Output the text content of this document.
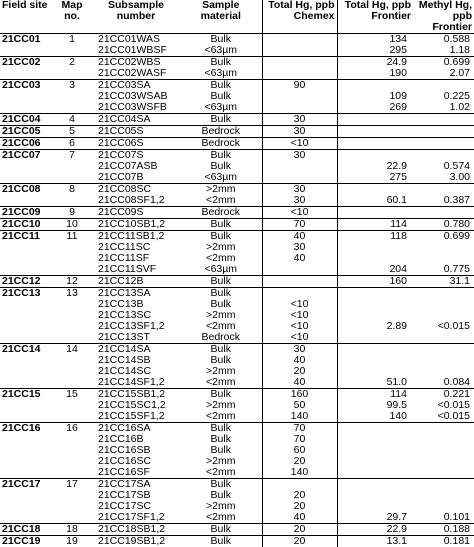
Field site	Map no.	Subsample number	Sample material	Total Hg, ppb Chemex	Total Hg, ppb Frontier	Methyl Hg, ppb Frontier
21CC01	1	21CC01WAS	Bulk		134	0.588
		21CC01WBSF	<63µm		295	1.18
21CC02	2	21CC02WBS	Bulk		24.9	0.699
		21CC02WASF	<63µm		190	2.07
21CC03	3	21CC03SA	Bulk	90		
		21CC03WSAB	Bulk		109	0.225
		21CC03WSFB	<63µm		269	1.02
21CC04	4	21CC04SA	Bulk	30		
21CC05	5	21CC05S	Bedrock	30		
21CC06	6	21CC06S	Bedrock	<10		
21CC07	7	21CC07S	Bulk	30		
		21CC07ASB	Bulk		22.9	0.574
		21CC07B	<63µm		275	3.00
21CC08	8	21CC08SC	>2mm	30		
		21CC08SF1,2	<2mm	30	60.1	0.387
21CC09	9	21CC09S	Bedrock	<10		
21CC10	10	21CC10SB1,2	Bulk	70	114	0.780
21CC11	11	21CC11SB1,2	Bulk	40	118	0.699
		21CC11SC	>2mm	30		
		21CC11SF	<2mm	40		
		21CC11SVF	<63µm		204	0.775
21CC12	12	21CC12B	Bulk		160	31.1
21CC13	13	21CC13SA	Bulk			
		21CC13B	Bulk	<10		
		21CC13SC	>2mm	<10		
		21CC13SF1,2	<2mm	<10	2.89	<0.015
		21CC13ST	Bedrock	<10		
21CC14	14	21CC14SA	Bulk	30		
		21CC14SB	Bulk	40		
		21CC14SC	>2mm	20		
		21CC14SF1,2	<2mm	40	51.0	0.084
21CC15	15	21CC15SB1,2	Bulk	160	114	0.221
		21CC15SC1,2	>2mm	50	99.5	<0.015
		21CC15SF1,2	<2mm	140	140	<0.015
21CC16	16	21CC16SA	Bulk	70		
		21CC16B	Bulk	70		
		21CC16SB	Bulk	60		
		21CC16SC	>2mm	20		
		21CC16SF	<2mm	140		
21CC17	17	21CC17SA	Bulk			
		21CC17SB	Bulk	20		
		21CC17SC	>2mm	20		
		21CC17SF1,2	<2mm	40	29.7	0.101
21CC18	18	21CC18SB1,2	Bulk	20	22.9	0.188
21CC19	19	21CC19SB1,2	Bulk	20	13.1	0.181
